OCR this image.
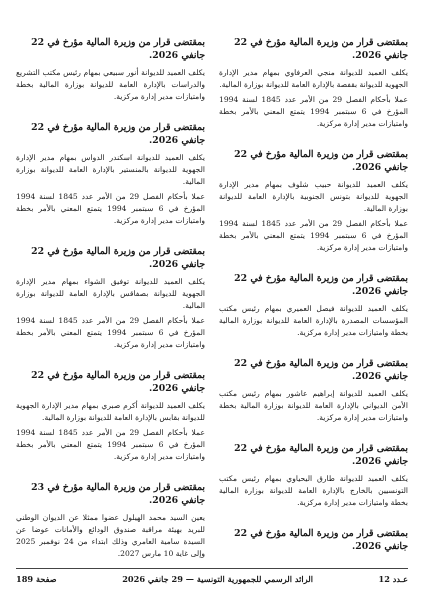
بمقتضى قرار من وزيرة المالية مؤرخ في 22 جانفي 2026.

يكلف العميد للديوانة منجي العرفاوي بمهام مدير الإدارة الجهوية للديوانة بقفصة بالإدارة العامة للديوانة بوزارة المالية.

عملا بأحكام الفصل 29 من الأمر عدد 1845 لسنة 1994 المؤرخ في 6 سبتمبر 1994 يتمتع المعني بالأمر بخطة وامتيازات مدير إدارة مركزية.

بمقتضى قرار من وزيرة المالية مؤرخ في 22 جانفي 2026.

يكلف العميد للديوانة حبيب شلوف بمهام مدير الإدارة الجهوية للديوانة بتونس الجنوبية بالإدارة العامة للديوانة بوزارة المالية.

عملا بأحكام الفصل 29 من الأمر عدد 1845 لسنة 1994 المؤرخ في 6 سبتمبر 1994 يتمتع المعني بالأمر بخطة وامتيازات مدير إدارة مركزية.

بمقتضى قرار من وزيرة المالية مؤرخ في 22 جانفي 2026.

يكلف العميد للديوانة فيصل العميري بمهام رئيس مكتب المؤسسات المصدرة بالإدارة العامة للديوانة بوزارة المالية بخطة وامتيازات مدير إدارة مركزية.

بمقتضى قرار من وزيرة المالية مؤرخ في 22 جانفي 2026.

يكلف العميد للديوانة إبراهيم عاشور بمهام رئيس مكتب الأمن الديواني بالإدارة العامة للديوانة بوزارة المالية بخطة وامتيازات مدير إدارة مركزية.

بمقتضى قرار من وزيرة المالية مؤرخ في 22 جانفي 2026.

يكلف العميد للديوانة طارق اليحياوي بمهام رئيس مكتب التونسيين بالخارج بالإدارة العامة للديوانة بوزارة المالية بخطة وامتيازات مدير إدارة مركزية.

بمقتضى قرار من وزيرة المالية مؤرخ في 22 جانفي 2026.

بمقتضى قرار من وزيرة المالية مؤرخ في 22 جانفي 2026.

يكلف العميد للديوانة أنور سبيعي بمهام رئيس مكتب التشريع والدراسات بالإدارة العامة للديوانة بوزارة المالية بخطة وامتيازات مدير إدارة مركزية.

بمقتضى قرار من وزيرة المالية مؤرخ في 22 جانفي 2026.

يكلف العميد للديوانة اسكندر الدواس بمهام مدير الإدارة الجهوية للديوانة بالمنستير بالإدارة العامة للديوانة بوزارة المالية.

عملا بأحكام الفصل 29 من الأمر عدد 1845 لسنة 1994 المؤرخ في 6 سبتمبر 1994 يتمتع المعني بالأمر بخطة وامتيازات مدير إدارة مركزية.

بمقتضى قرار من وزيرة المالية مؤرخ في 22 جانفي 2026.

يكلف العميد للديوانة توفيق الشواء بمهام مدير الإدارة الجهوية للديوانة بصفاقس بالإدارة العامة للديوانة بوزارة المالية.

عملا بأحكام الفصل 29 من الأمر عدد 1845 لسنة 1994 المؤرخ في 6 سبتمبر 1994 يتمتع المعني بالأمر بخطة وامتيازات مدير إدارة مركزية.

بمقتضى قرار من وزيرة المالية مؤرخ في 22 جانفي 2026.

يكلف العميد للديوانة أكرم صبري بمهام مدير الإدارة الجهوية للديوانة بقابس بالإدارة العامة للديوانة بوزارة المالية.

عملا بأحكام الفصل 29 من الأمر عدد 1845 لسنة 1994 المؤرخ في 6 سبتمبر 1994 يتمتع المعني بالأمر بخطة وامتيازات مدير إدارة مركزية.

بمقتضى قرار من وزيرة المالية مؤرخ في 23 جانفي 2026.

يعين السيد محمد الهيلول عضوا ممثلا عن الديوان الوطني للبريد بهيئة مراقبة صندوق الودائع والأمانات عوضا عن السيدة سامية العامري وذلك ابتداء من 24 نوفمبر 2025 وإلى غاية 10 مارس 2027.

عـدد 12
الرائد الرسمي للجمهورية التونسية — 29 جانفي 2026
صفحة 189
